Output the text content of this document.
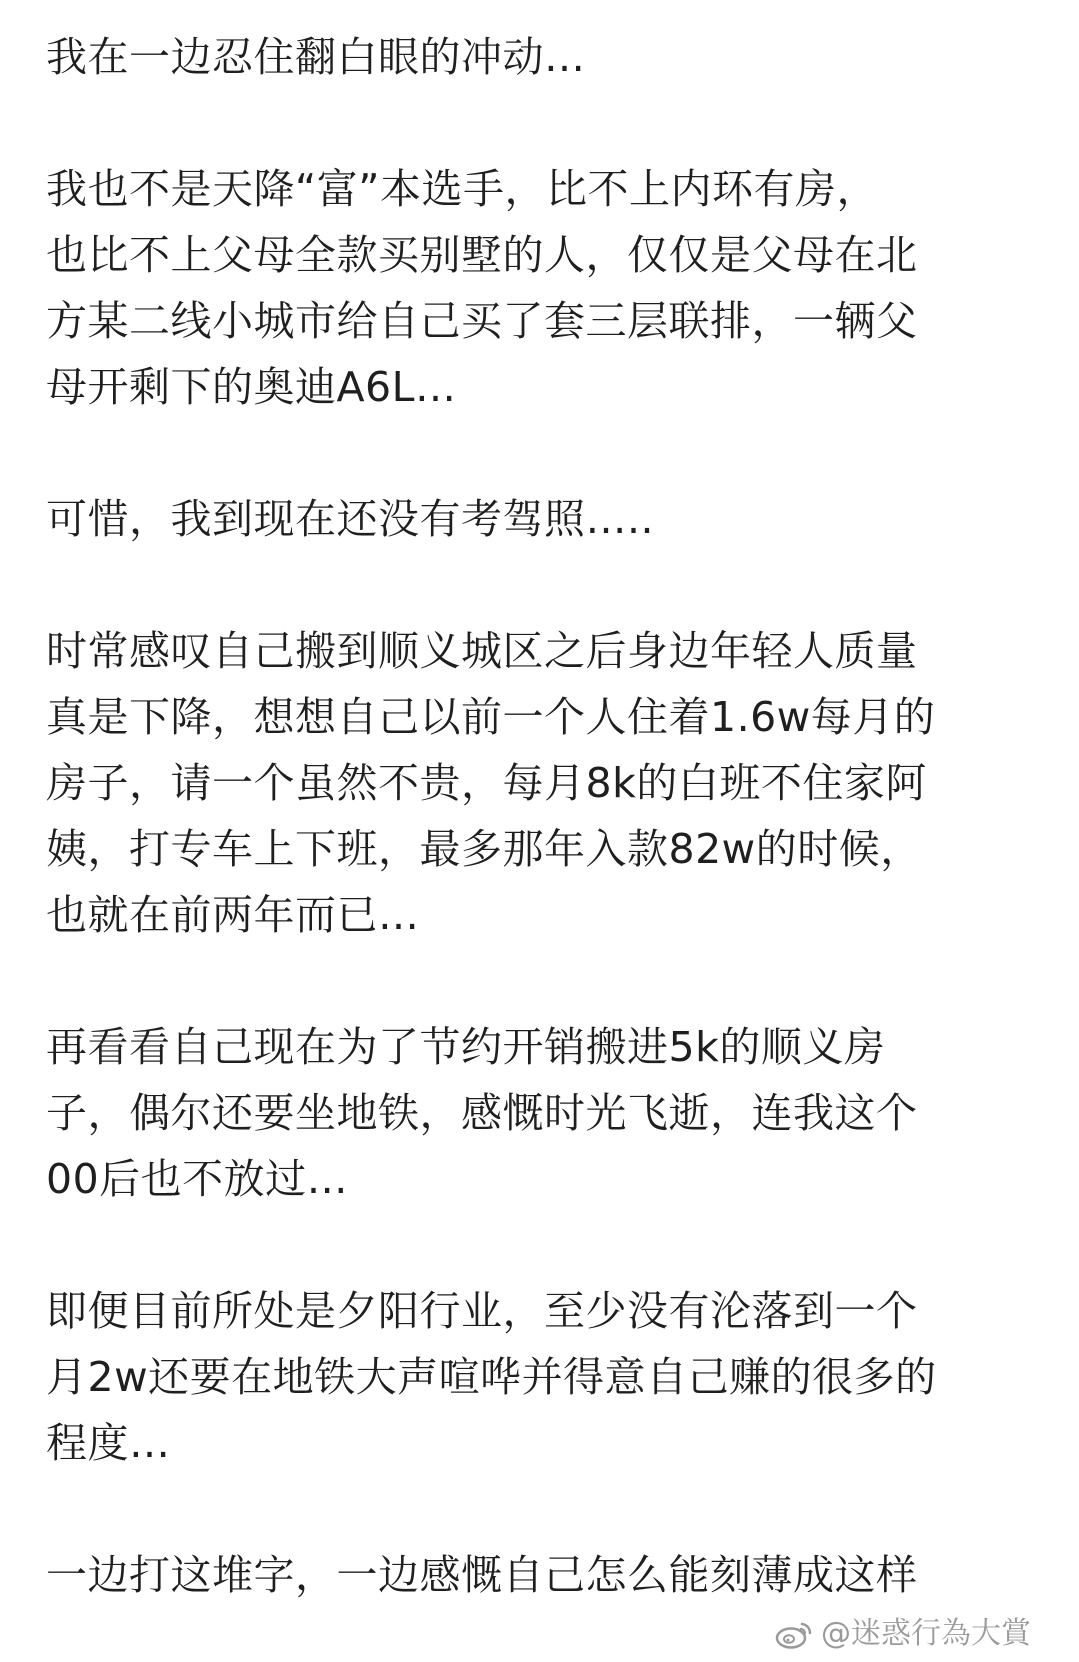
我在一边忍住翻白眼的冲动…
我也不是天降“富”本选手，比不上内环有房，
也比不上父母全款买别墅的人，仅仅是父母在北
方某二线小城市给自己买了套三层联排，一辆父
母开剩下的奥迪A6L…
可惜，我到现在还没有考驾照…..
时常感叹自己搬到顺义城区之后身边年轻人质量
真是下降，想想自己以前一个人住着1.6w每月的
房子，请一个虽然不贵，每月8k的白班不住家阿
姨，打专车上下班，最多那年入款82w的时候，
也就在前两年而已…
再看看自己现在为了节约开销搬进5k的顺义房
子，偶尔还要坐地铁，感慨时光飞逝，连我这个
00后也不放过…
即便目前所处是夕阳行业，至少没有沦落到一个
月2w还要在地铁大声喧哗并得意自己赚的很多的
程度…
一边打这堆字，一边感慨自己怎么能刻薄成这样
@迷惑行為大賞
